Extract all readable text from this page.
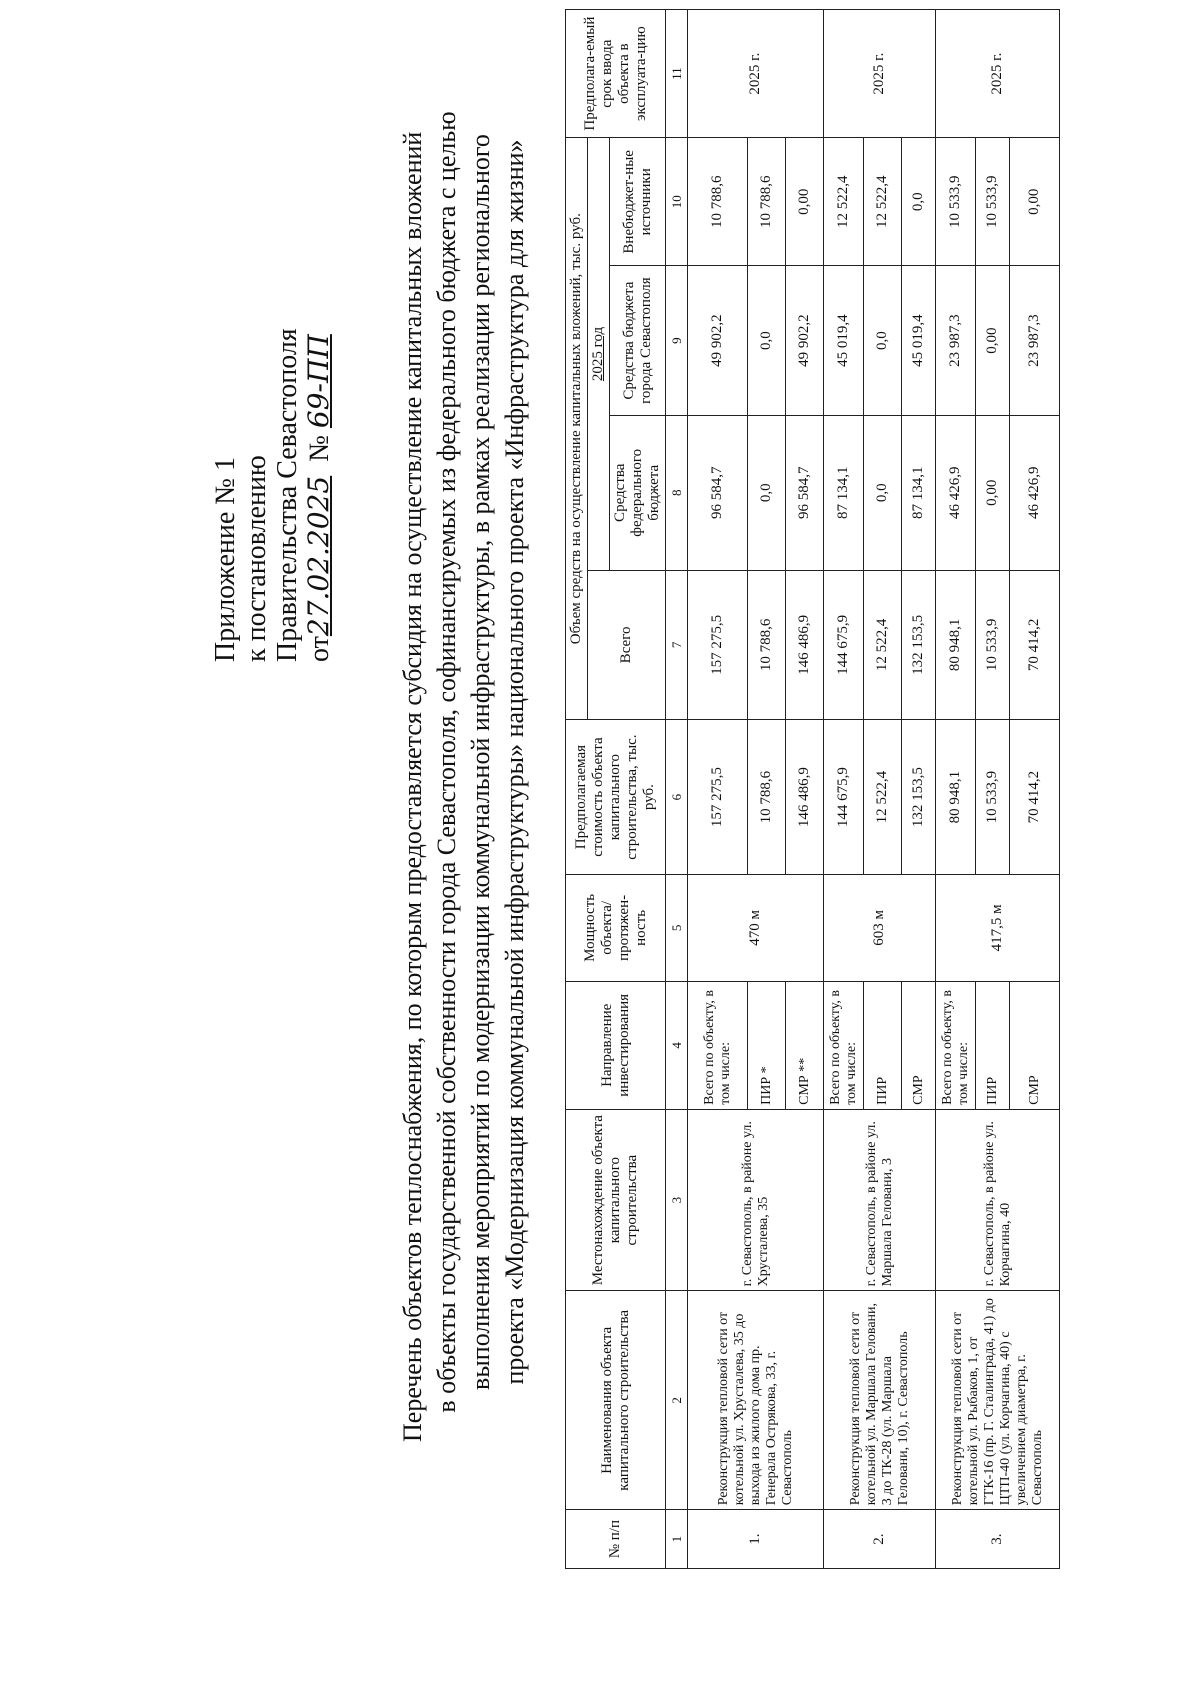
Приложение № 1 к постановлению Правительства Севастополя от27.02.2025  № 69-ПП Перечень объектов теплоснабжения, по которым предоставляется субсидия на осуществление капитальных вложений в объекты государственной собственности города Севастополя, софинансируемых из федерального бюджета с целью выполнения мероприятий по модернизации коммунальной инфраструктуры, в рамках реализации регионального проекта «Модернизация коммунальной инфраструктуры» национального проекта «Инфраструктура для жизни»
№ п/п	Наименования объекта капитального строительства	Местонахождение объекта капитального строительства	Направление инвестирования	Мощность объекта/ протяжен-ность	Предполагаемая стоимость объекта капитального строительства, тыс. руб.	Объем средств на осуществление капитальных вложений, тыс. руб.				Предполага-емый срок ввода объекта в эксплуата-цию
						Всего	2025 год			
							Средства федерального бюджета	Средства бюджета города Севастополя	Внебюджет-ные источники	
1	2	3	4	5	6	7	8	9	10	11
1.	Реконструкция тепловой сети от котельной ул. Хрусталева, 35 до выхода из жилого дома пр. Генерала Острякова, 33, г. Севастополь	г. Севастополь, в районе ул. Хрусталева, 35	Всего по объекту, в том числе:	470 м	157 275,5	157 275,5	96 584,7	49 902,2	10 788,6	2025 г.
			ПИР *		10 788,6	10 788,6	0,0	0,0	10 788,6	
			СМР **		146 486,9	146 486,9	96 584,7	49 902,2	0,00	
2.	Реконструкция тепловой сети от котельной ул. Маршала Геловани, 3 до ТК-28 (ул. Маршала Геловани, 10), г. Севастополь	г. Севастополь, в районе ул. Маршала Геловани, 3	Всего по объекту, в том числе:	603 м	144 675,9	144 675,9	87 134,1	45 019,4	12 522,4	2025 г.
			ПИР		12 522,4	12 522,4	0,0	0,0	12 522,4	
			СМР		132 153,5	132 153,5	87 134,1	45 019,4	0,0	
3.	Реконструкция тепловой сети от котельной ул. Рыбаков, 1, от ГТК-16 (пр. Г. Сталинграда, 41) до ЦТП-40 (ул. Корчагина, 40) с увеличением диаметра, г. Севастополь	г. Севастополь, в районе ул. Корчагина, 40	Всего по объекту, в том числе:	417,5 м	80 948,1	80 948,1	46 426,9	23 987,3	10 533,9	2025 г.
			ПИР		10 533,9	10 533,9	0,00	0,00	10 533,9	
			СМР		70 414,2	70 414,2	46 426,9	23 987,3	0,00	
